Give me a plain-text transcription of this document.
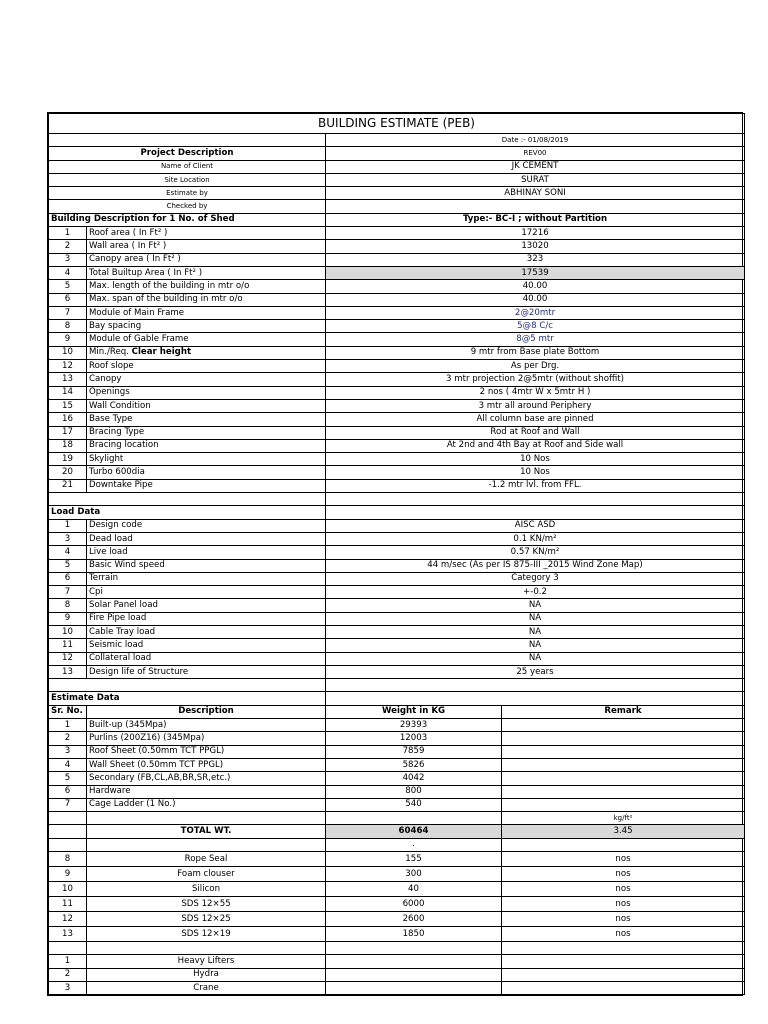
BUILDING ESTIMATE (PEB)			
		Date :- 01/08/2019	
Project Description		REV00	
Name of Client		JK CEMENT	
Site Location		SURAT	
Estimate by		ABHINAY SONI	
Checked by			
Building Description for 1 No. of Shed		Type:- BC-I ; without Partition	
1	Roof area ( In Ft² )	17216	
2	Wall area ( In Ft² )	13020	
3	Canopy area ( In Ft² )	323	
4	Total Builtup Area ( In Ft² )	17539	
5	Max. length of the building in mtr o/o	40.00	
6	Max. span of the building in mtr o/o	40.00	
7	Module of Main Frame	2@20mtr	
8	Bay spacing	5@8 C/c	
9	Module of Gable Frame	8@5 mtr	
10	Min./Req. Clear height	9 mtr from Base plate Bottom	
12	Roof slope	As per Drg.	
13	Canopy	3 mtr projection 2@5mtr (without shoffit)	
14	Openings	2 nos ( 4mtr W x 5mtr H )	
15	Wall Condition	3 mtr all around Periphery	
16	Base Type	All column base are pinned	
17	Bracing Type	Rod at Roof and Wall	
18	Bracing location	At 2nd and 4th Bay at Roof and Side wall	
19	Skylight	10 Nos	
20	Turbo 600dia	10 Nos	
21	Downtake Pipe	-1.2 mtr lvl. from FFL.	

Load Data			
1	Design code	AISC ASD	
3	Dead load	0.1 KN/m²	
4	Live load	0.57 KN/m²	
5	Basic Wind speed	44 m/sec (As per IS 875-III _2015 Wind Zone Map)	
6	Terrain	Category 3	
7	Cpi	+-0.2	
8	Solar Panel load	NA	
9	Fire Pipe load	NA	
10	Cable Tray load	NA	
11	Seismic load	NA	
12	Collateral load	NA	
13	Design life of Structure	25 years	

Estimate Data			
Sr. No.	Description	Weight in KG	Remark
1	Built-up (345Mpa)	29393	
2	Purlins (200Z16) (345Mpa)	12003	
3	Roof Sheet (0.50mm TCT PPGL)	7859	
4	Wall Sheet (0.50mm TCT PPGL)	5826	
5	Secondary (FB,CL,AB,BR,SR,etc.)	4042	
6	Hardware	800	
7	Cage Ladder (1 No.)	540	
			kg/ft²
	TOTAL WT.	60464	3.45
		.	
8	Rope Seal	155	nos
9	Foam clouser	300	nos
10	Silicon	40	nos
11	SDS 12×55	6000	nos
12	SDS 12×25	2600	nos
13	SDS 12×19	1850	nos

1	Heavy Lifters		
2	Hydra		
3	Crane		
